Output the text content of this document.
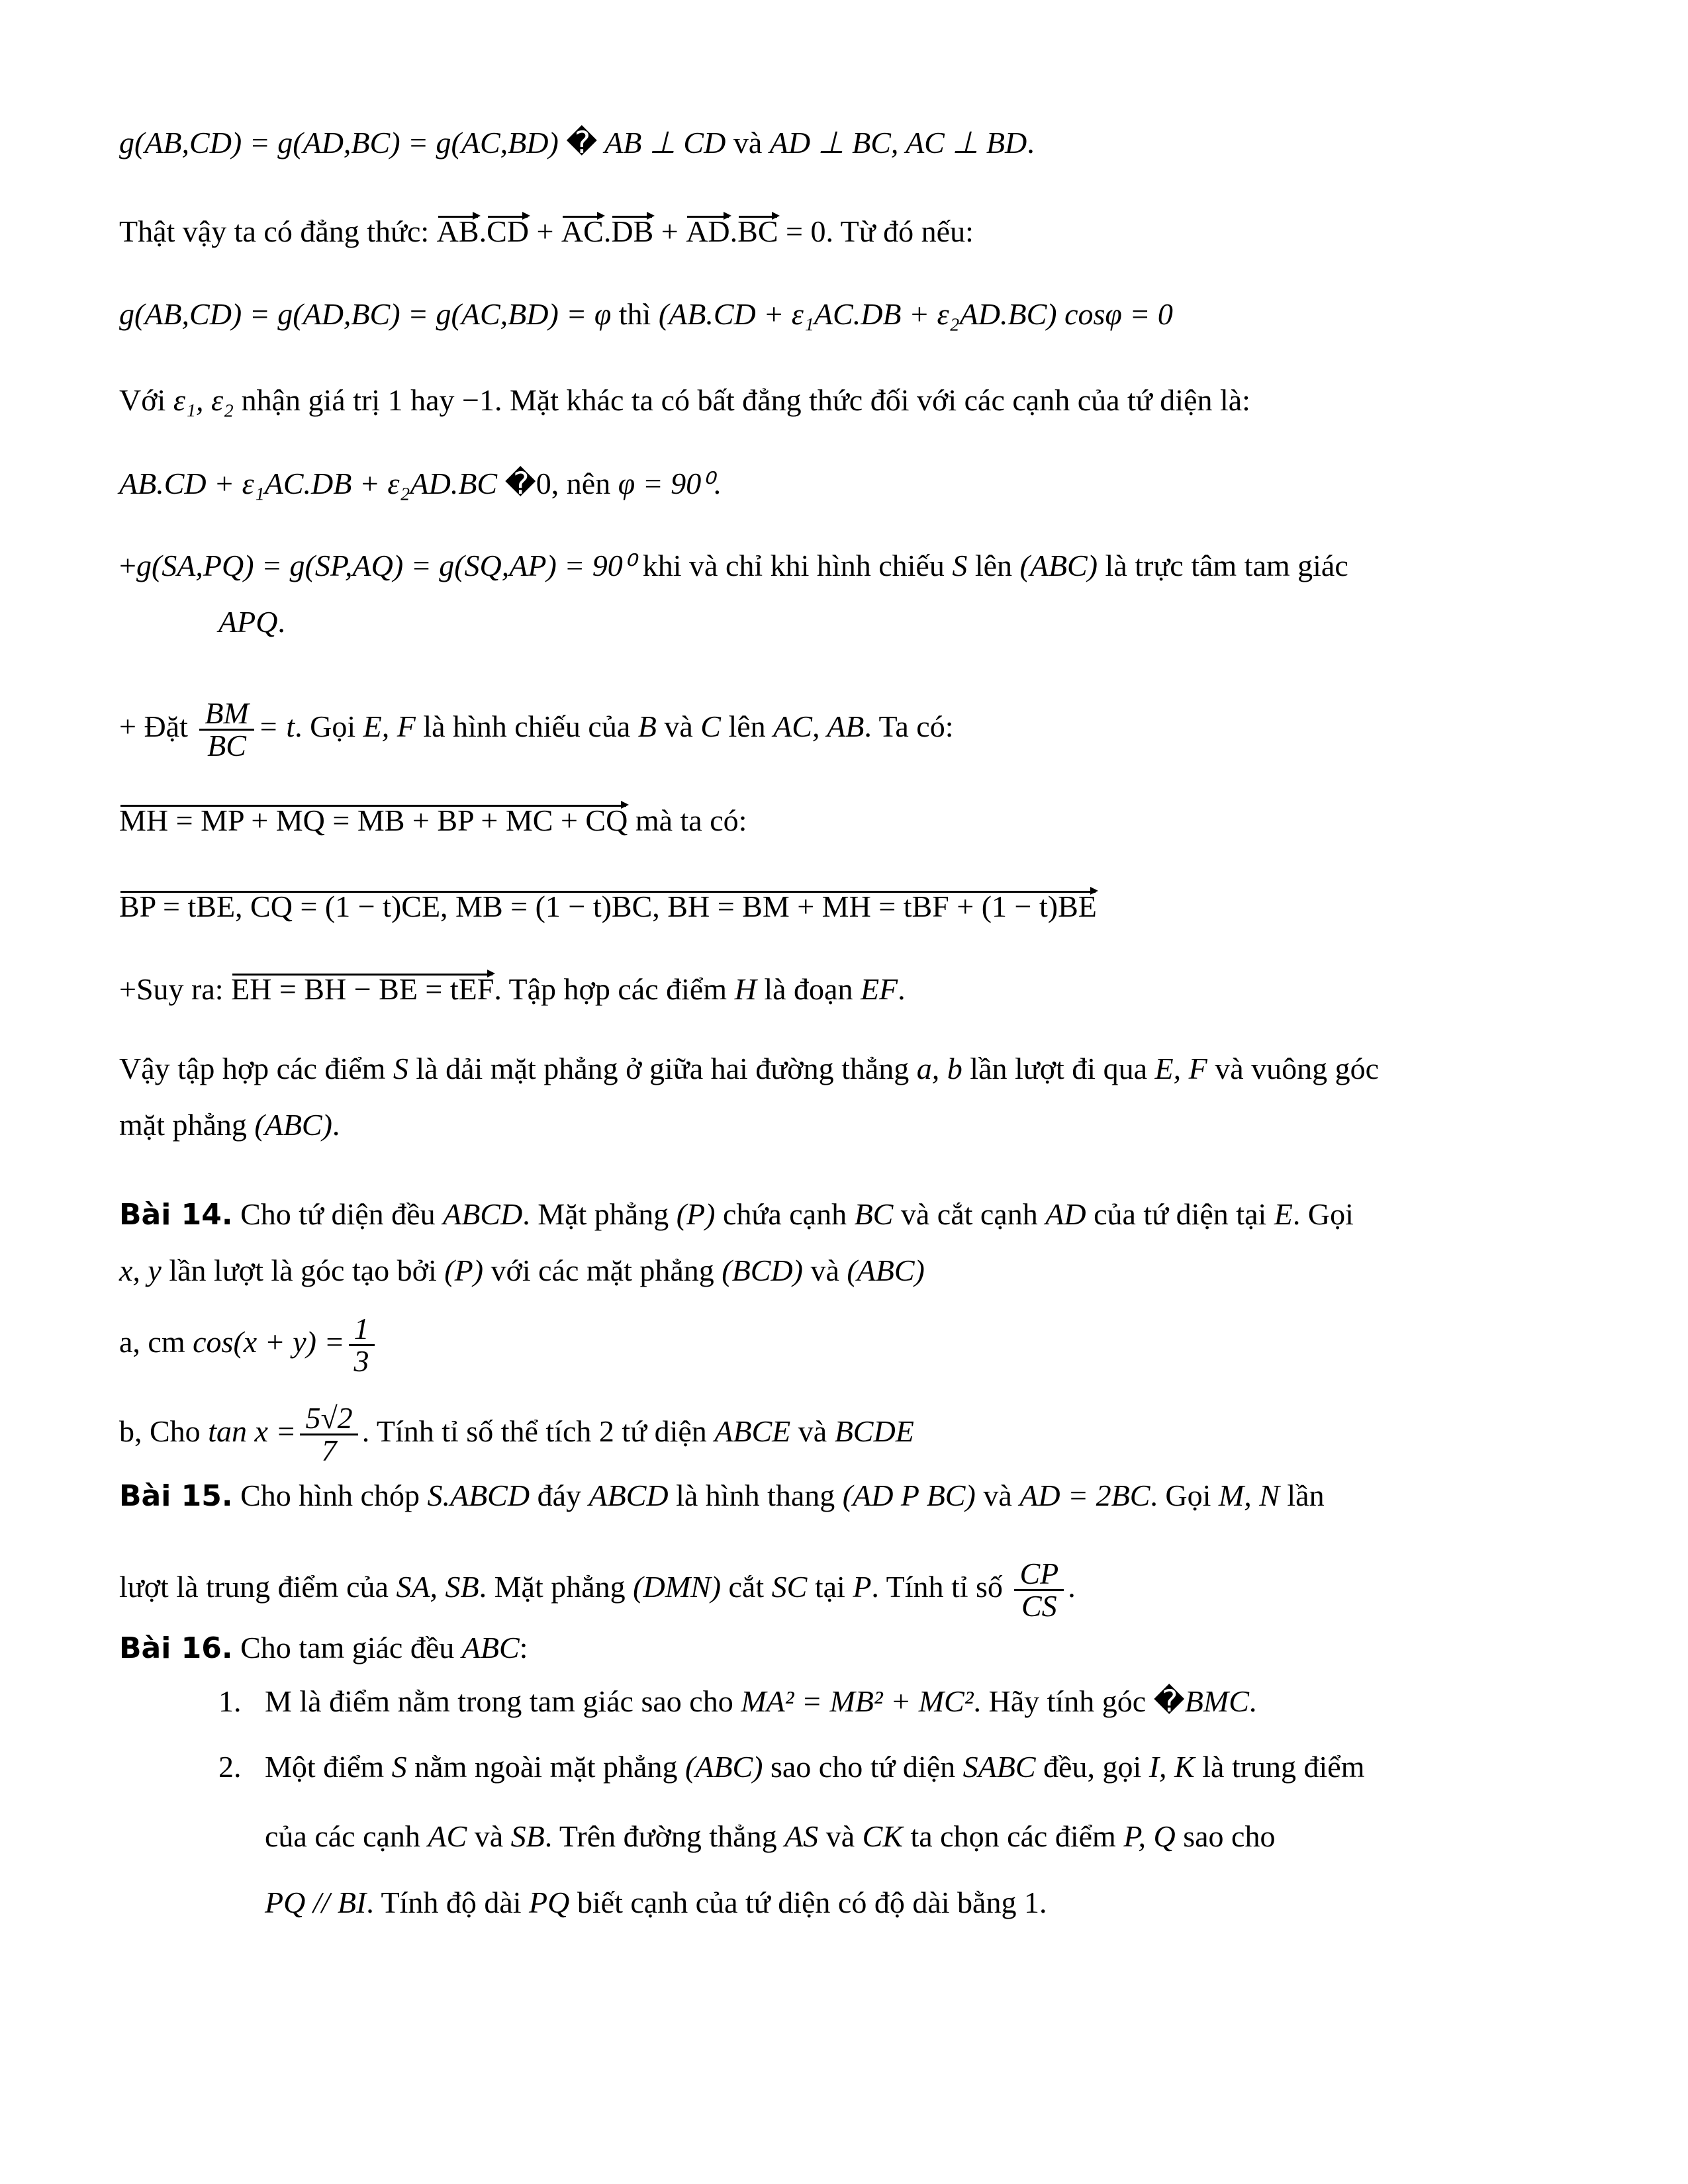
g(AB,CD) = g(AD,BC) = g(AC,BD) � AB ⊥ CD và AD ⊥ BC, AC ⊥ BD.
Thật vậy ta có đẳng thức: AB.CD + AC.DB + AD.BC = 0. Từ đó nếu:
g(AB,CD) = g(AD,BC) = g(AC,BD) = φ thì (AB.CD + ε₁AC.DB + ε₂AD.BC) cosφ = 0
Với ε₁, ε₂ nhận giá trị 1 hay −1. Mặt khác ta có bất đẳng thức đối với các cạnh của tứ diện là:
AB.CD + ε₁AC.DB + ε₂AD.BC �0, nên φ = 90⁰.
+g(SA,PQ) = g(SP,AQ) = g(SQ,AP) = 90⁰ khi và chỉ khi hình chiếu S lên (ABC) là trực tâm tam giác
APQ.
+ Đặt $\frac{BM}{BC} = t$. Gọi E, F là hình chiếu của B và C lên AC, AB. Ta có:
MH = MP + MQ = MB + BP + MC + CQ mà ta có:
BP = tBE, CQ = (1 − t)CE, MB = (1 − t)BC, BH = BM + MH = tBF + (1 − t)BE
+Suy ra: EH = BH − BE = tEF. Tập hợp các điểm H là đoạn EF.
Vậy tập hợp các điểm S là dải mặt phẳng ở giữa hai đường thẳng a, b lần lượt đi qua E, F và vuông góc
mặt phẳng (ABC).
Bài 14. Cho tứ diện đều ABCD. Mặt phẳng (P) chứa cạnh BC và cắt cạnh AD của tứ diện tại E. Gọi
x, y lần lượt là góc tạo bởi (P) với các mặt phẳng (BCD) và (ABC)
a, cm $\cos(x + y) = \frac{1}{3}$
b, Cho $\tan x = \frac{5√2}{7}$ . Tính tỉ số thể tích 2 tứ diện ABCE và BCDE
Bài 15. Cho hình chóp S.ABCD đáy ABCD là hình thang (AD P BC) và AD = 2BC. Gọi M, N lần
lượt là trung điểm của SA, SB. Mặt phẳng (DMN) cắt SC tại P. Tính tỉ số $\frac{CP}{CS}$ .
Bài 16. Cho tam giác đều ABC:
1. M là điểm nằm trong tam giác sao cho MA² = MB² + MC². Hãy tính góc �BMC.
2. Một điểm S nằm ngoài mặt phẳng (ABC) sao cho tứ diện SABC đều, gọi I, K là trung điểm
của các cạnh AC và SB. Trên đường thẳng AS và CK ta chọn các điểm P, Q sao cho
PQ // BI. Tính độ dài PQ biết cạnh của tứ diện có độ dài bằng 1.
